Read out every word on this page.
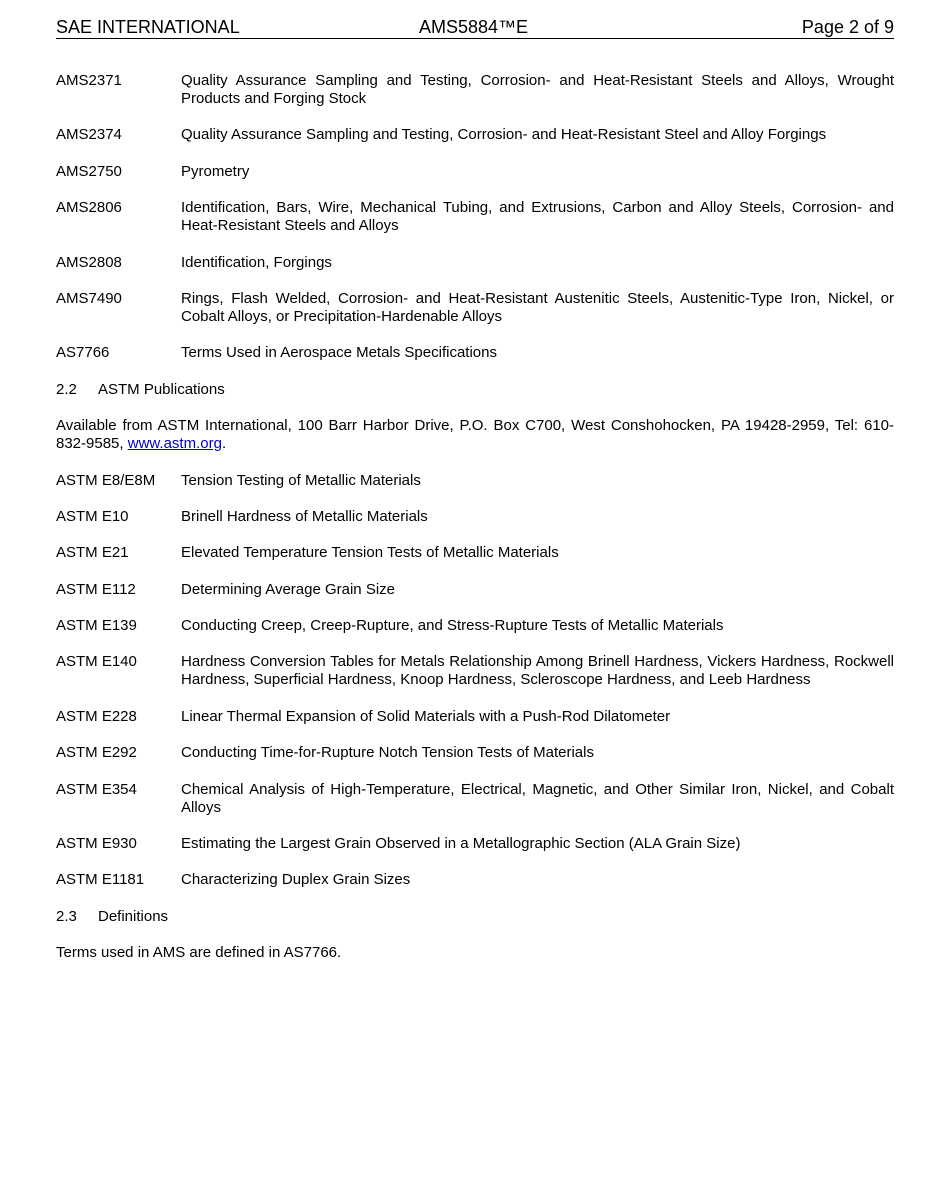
SAE INTERNATIONAL	AMS5884™E	Page 2 of 9
AMS2371	Quality Assurance Sampling and Testing, Corrosion- and Heat-Resistant Steels and Alloys, Wrought Products and Forging Stock
AMS2374	Quality Assurance Sampling and Testing, Corrosion- and Heat-Resistant Steel and Alloy Forgings
AMS2750	Pyrometry
AMS2806	Identification, Bars, Wire, Mechanical Tubing, and Extrusions, Carbon and Alloy Steels, Corrosion- and Heat-Resistant Steels and Alloys
AMS2808	Identification, Forgings
AMS7490	Rings, Flash Welded, Corrosion- and Heat-Resistant Austenitic Steels, Austenitic-Type Iron, Nickel, or Cobalt Alloys, or Precipitation-Hardenable Alloys
AS7766	Terms Used in Aerospace Metals Specifications
2.2	ASTM Publications
Available from ASTM International, 100 Barr Harbor Drive, P.O. Box C700, West Conshohocken, PA 19428-2959, Tel: 610-832-9585, www.astm.org.
ASTM E8/E8M	Tension Testing of Metallic Materials
ASTM E10	Brinell Hardness of Metallic Materials
ASTM E21	Elevated Temperature Tension Tests of Metallic Materials
ASTM E112	Determining Average Grain Size
ASTM E139	Conducting Creep, Creep-Rupture, and Stress-Rupture Tests of Metallic Materials
ASTM E140	Hardness Conversion Tables for Metals Relationship Among Brinell Hardness, Vickers Hardness, Rockwell Hardness, Superficial Hardness, Knoop Hardness, Scleroscope Hardness, and Leeb Hardness
ASTM E228	Linear Thermal Expansion of Solid Materials with a Push-Rod Dilatometer
ASTM E292	Conducting Time-for-Rupture Notch Tension Tests of Materials
ASTM E354	Chemical Analysis of High-Temperature, Electrical, Magnetic, and Other Similar Iron, Nickel, and Cobalt Alloys
ASTM E930	Estimating the Largest Grain Observed in a Metallographic Section (ALA Grain Size)
ASTM E1181	Characterizing Duplex Grain Sizes
2.3	Definitions
Terms used in AMS are defined in AS7766.
